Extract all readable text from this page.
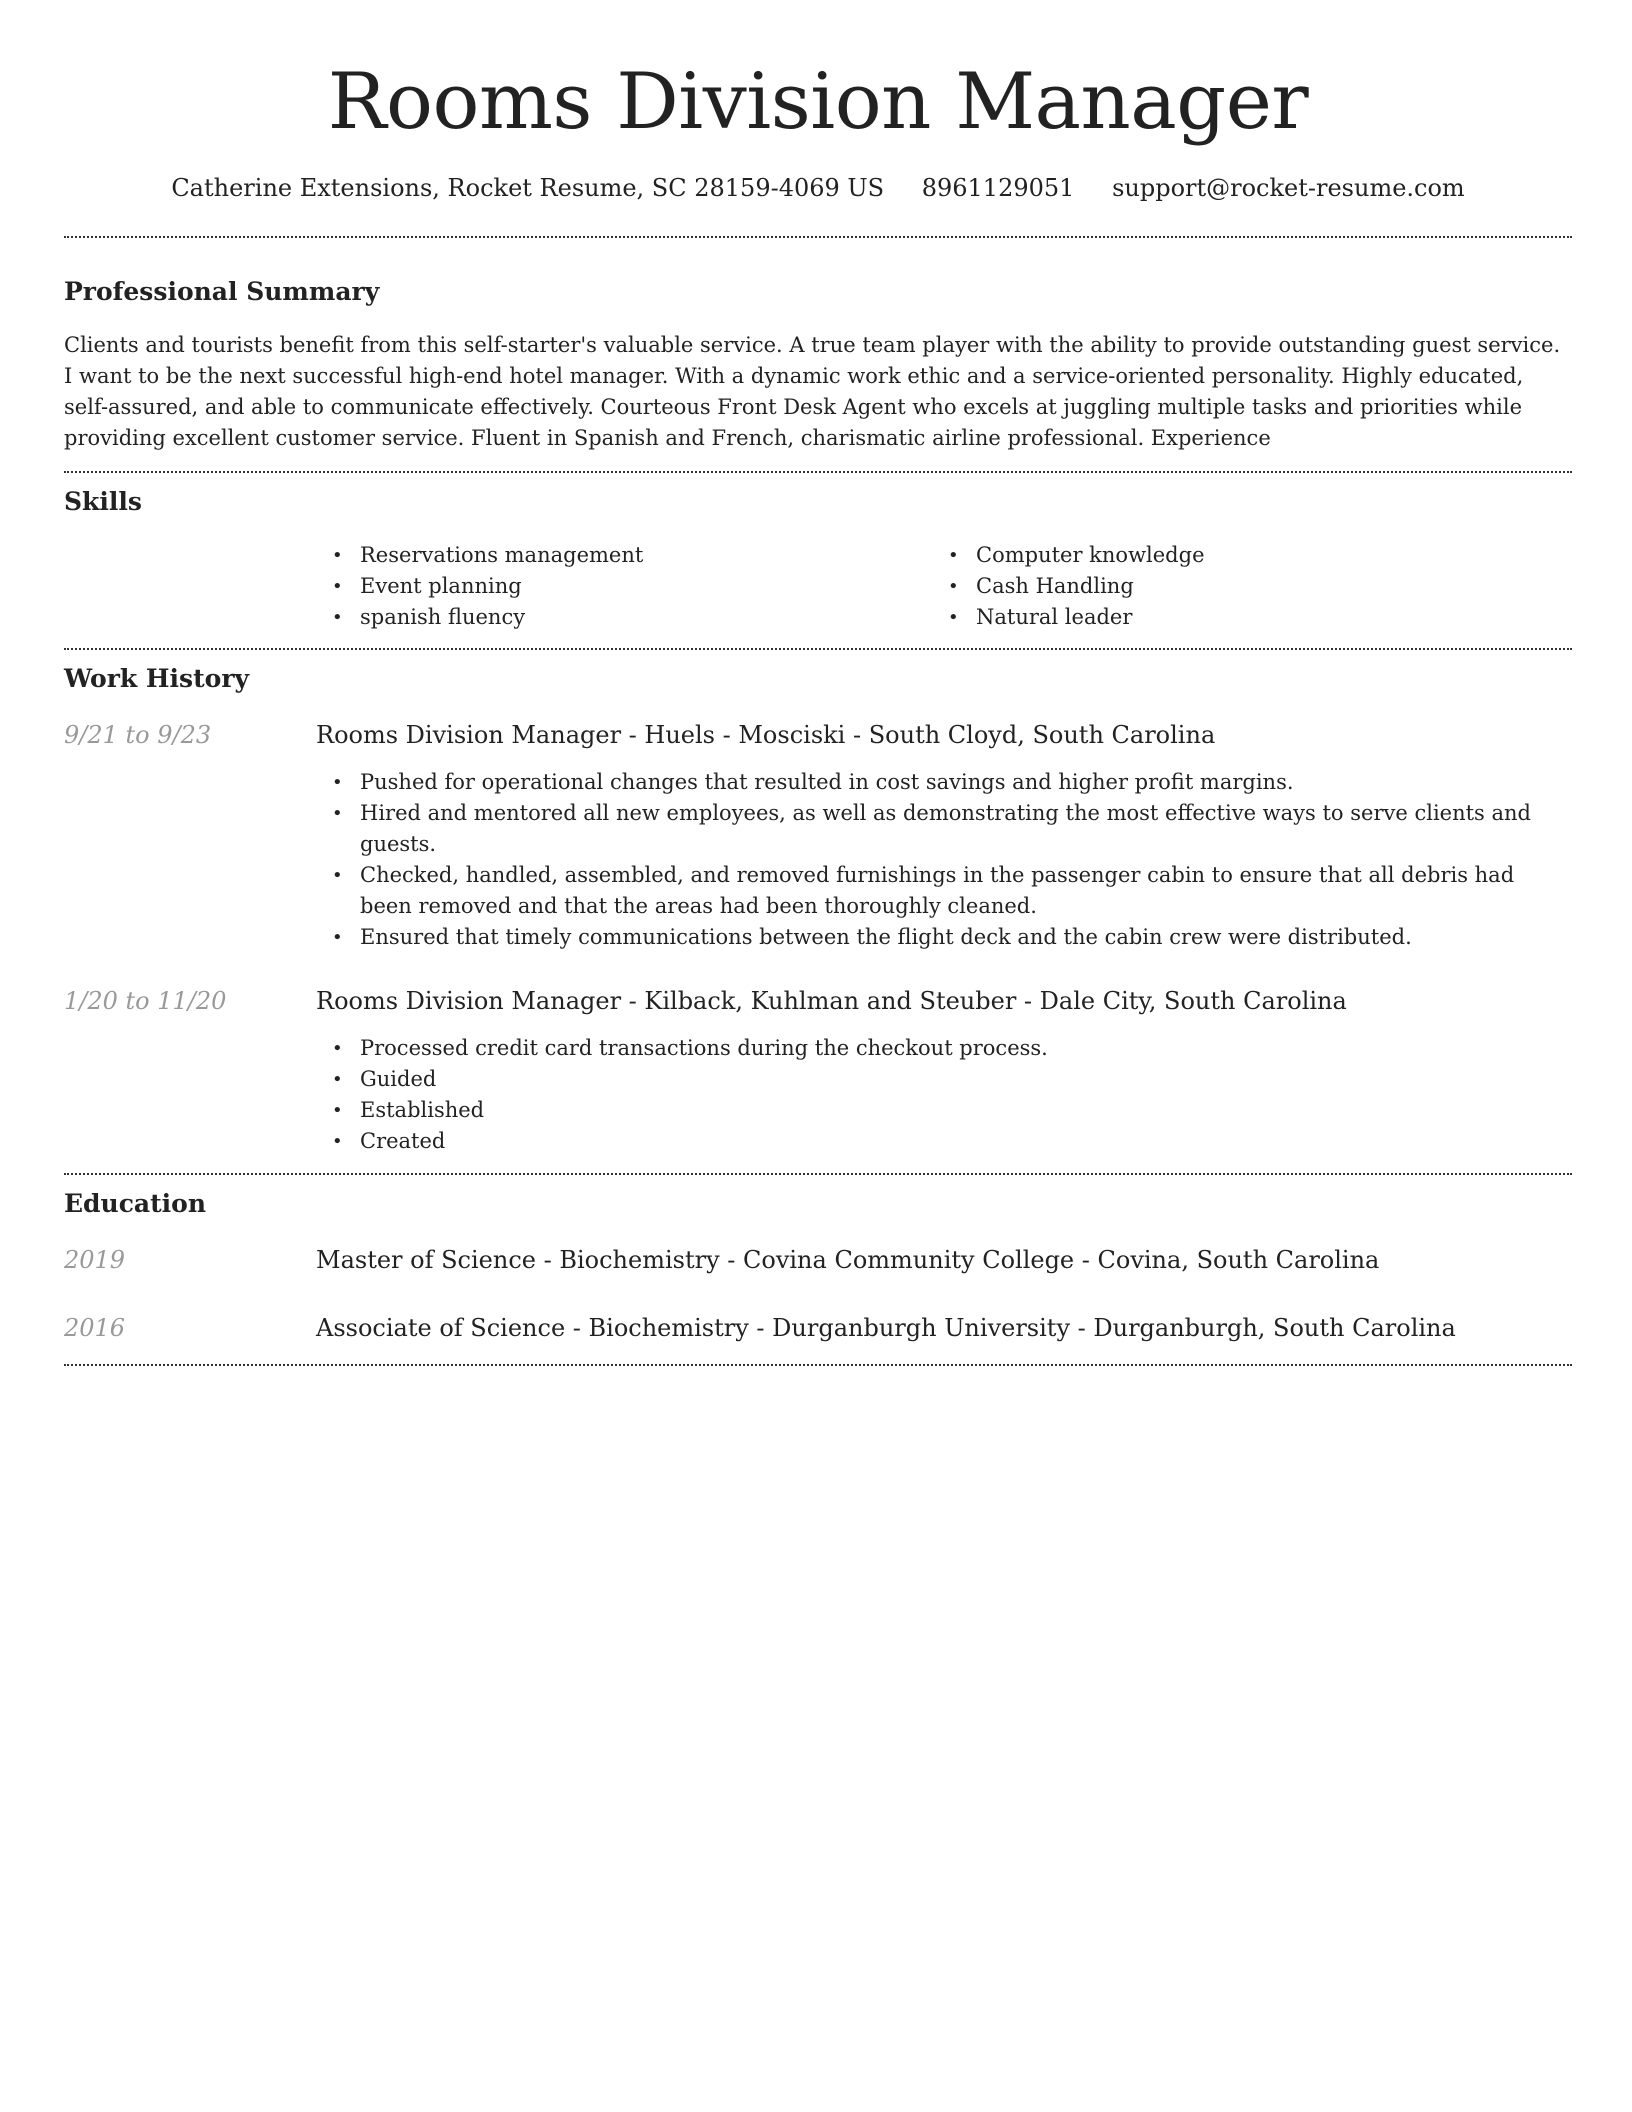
Rooms Division Manager
Catherine Extensions, Rocket Resume, SC 28159-4069 US 8961129051 support@rocket-resume.com
Professional Summary

Clients and tourists benefit from this self-starter's valuable service. A true team player with the ability to provide outstanding guest service. I want to be the next successful high-end hotel manager. With a dynamic work ethic and a service-oriented personality. Highly educated, self-assured, and able to communicate effectively. Courteous Front Desk Agent who excels at juggling multiple tasks and priorities while providing excellent customer service. Fluent in Spanish and French, charismatic airline professional. Experience

Skills
• Reservations management
• Event planning
• spanish fluency
• Computer knowledge
• Cash Handling
• Natural leader
Work History
9/21 to 9/23	Rooms Division Manager - Huels - Mosciski - South Cloyd, South Carolina
• Pushed for operational changes that resulted in cost savings and higher profit margins.
• Hired and mentored all new employees, as well as demonstrating the most effective ways to serve clients and guests.
• Checked, handled, assembled, and removed furnishings in the passenger cabin to ensure that all debris had been removed and that the areas had been thoroughly cleaned.
• Ensured that timely communications between the flight deck and the cabin crew were distributed.
1/20 to 11/20	Rooms Division Manager - Kilback, Kuhlman and Steuber - Dale City, South Carolina
• Processed credit card transactions during the checkout process.
• Guided
• Established
• Created
Education
2019	Master of Science - Biochemistry - Covina Community College - Covina, South Carolina
2016	Associate of Science - Biochemistry - Durganburgh University - Durganburgh, South Carolina
